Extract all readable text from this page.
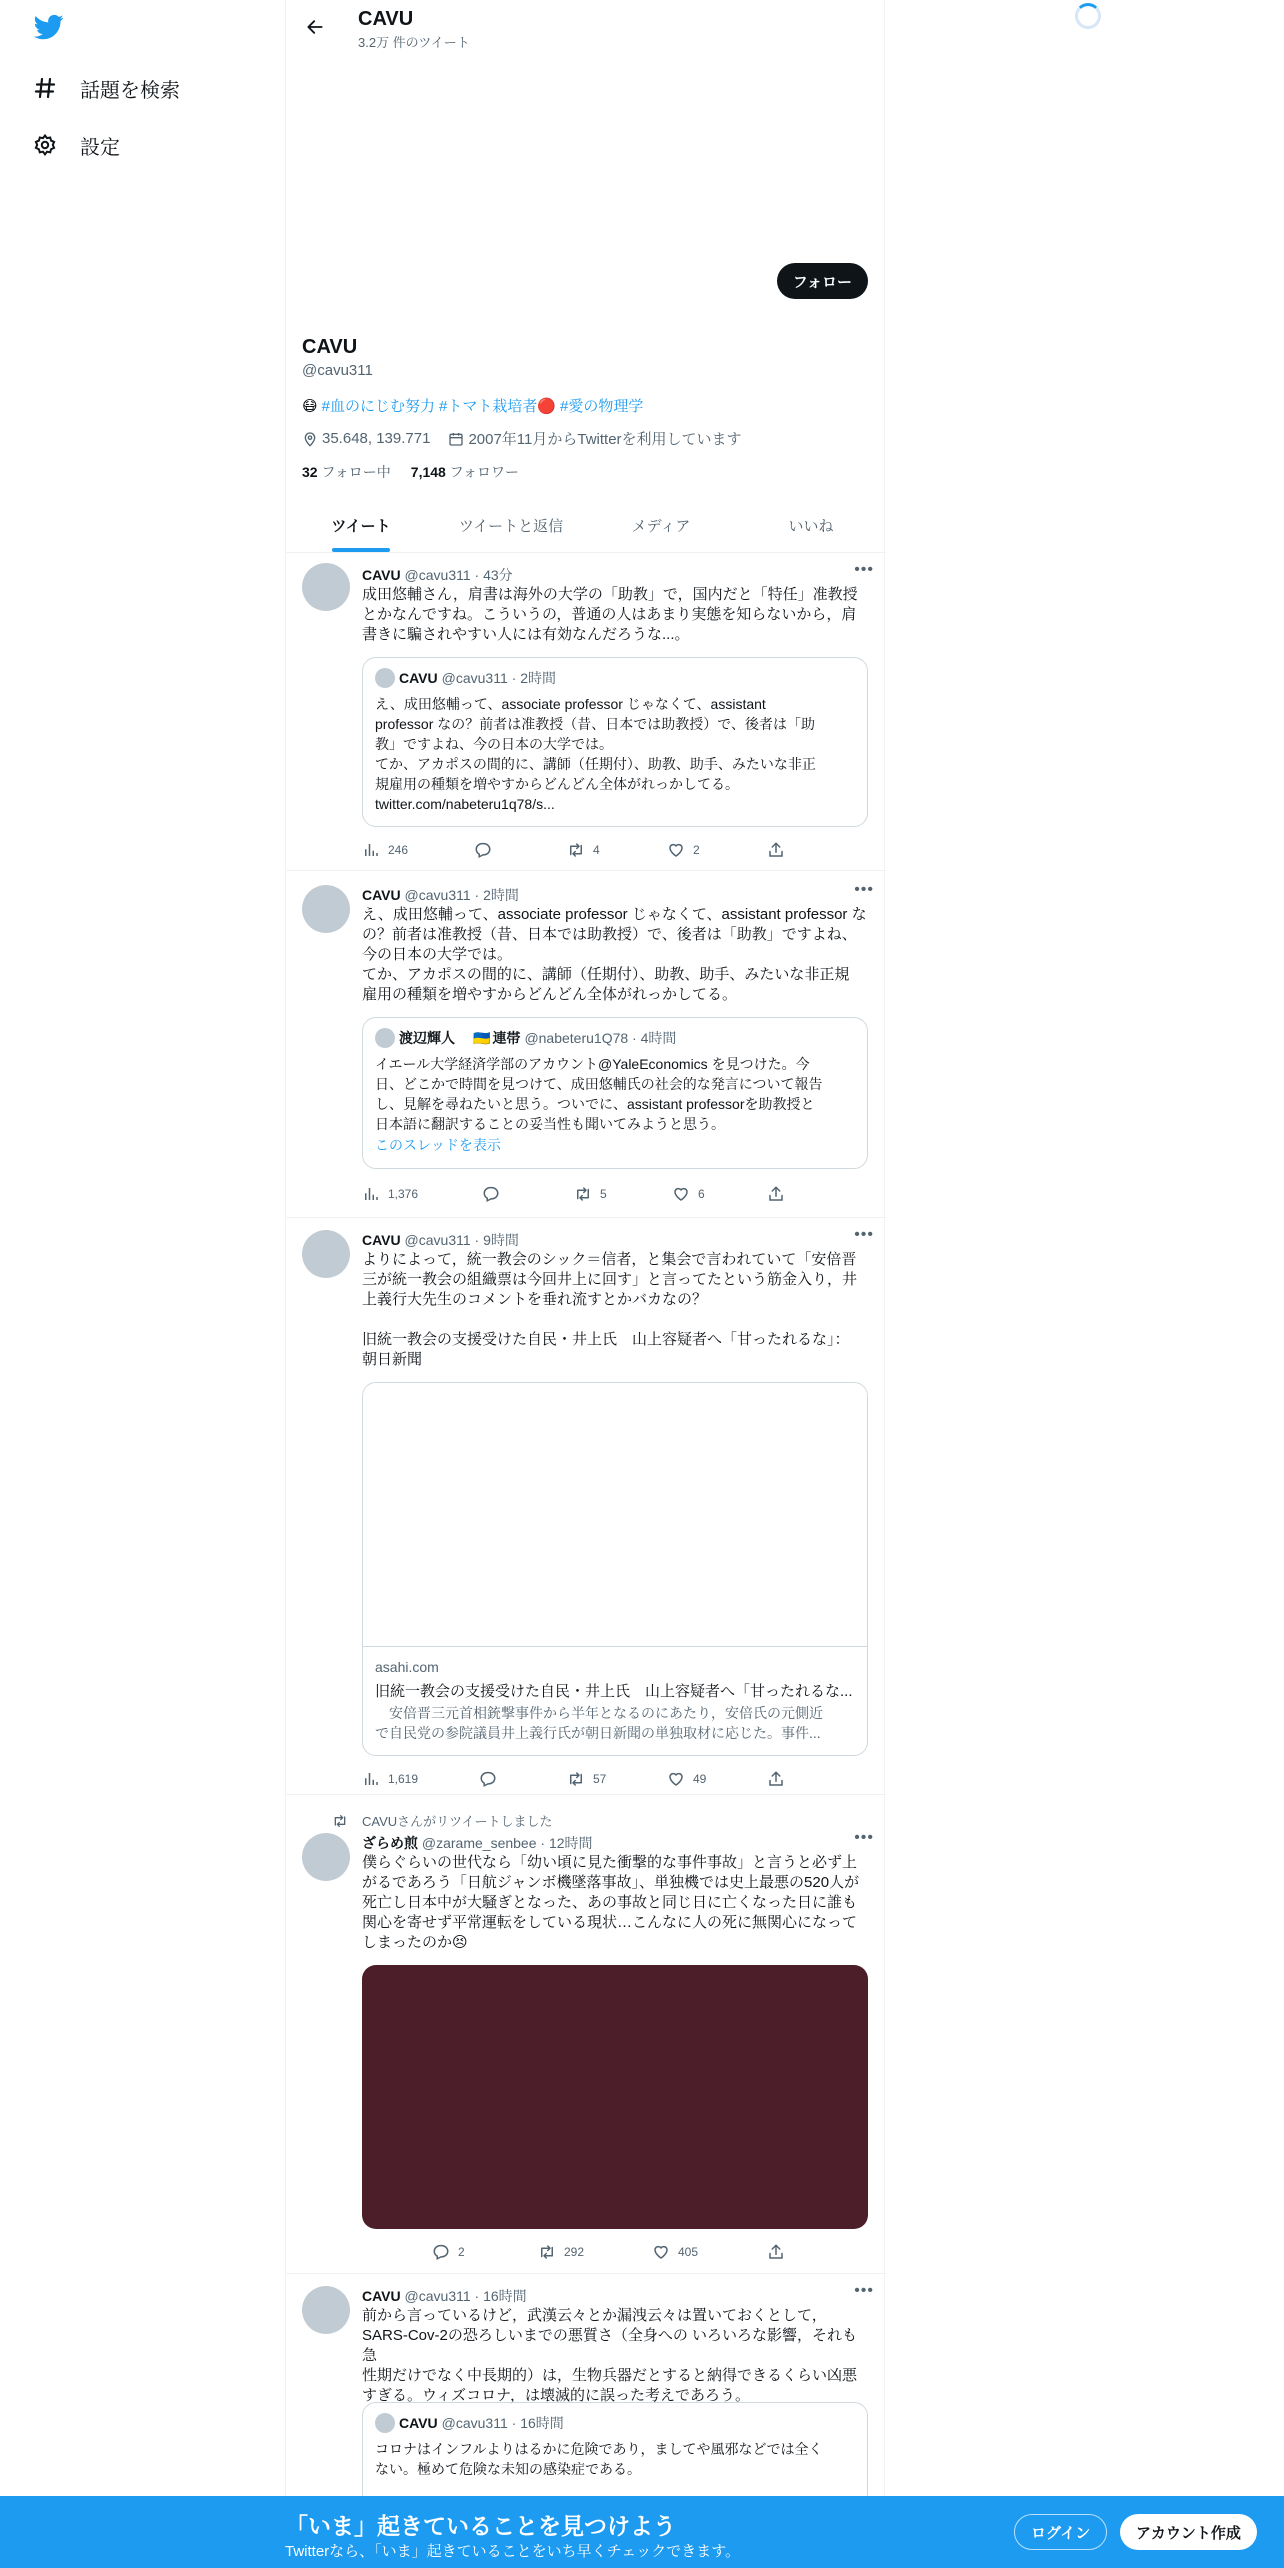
話題を検索
設定
CAVU
3.2万 件のツイート
フォロー
CAVU
@cavu311
😷 #血のにじむ努力 #トマト栽培者 🔴 #愛の物理学
35.648, 139.771	2007年11月からTwitterを利用しています
32 フォロー中 7,148 フォロワー
ツイート	ツイートと返信	メディア	いいね
CAVU @cavu311 · 43分	•••
成田悠輔さん，肩書は海外の大学の「助教」で，国内だと「特任」准教授
とかなんですね。こういうの，普通の人はあまり実態を知らないから，肩
書きに騙されやすい人には有効なんだろうな...。
CAVU @cavu311 · 2時間
え、成田悠輔って、associate professor じゃなくて、assistant
professor なの？前者は准教授（昔、日本では助教授）で、後者は「助
教」ですよね、今の日本の大学では。
てか、アカポスの間的に、講師（任期付）、助教、助手、みたいな非正
規雇用の種類を増やすからどんどん全体がれっかしてる。
twitter.com/nabeteru1q78/s...
246	4	2
CAVU @cavu311 · 2時間	•••
え、成田悠輔って、associate professor じゃなくて、assistant professor な
の？前者は准教授（昔、日本では助教授）で、後者は「助教」ですよね、
今の日本の大学では。
てか、アカポスの間的に、講師（任期付）、助教、助手、みたいな非正規
雇用の種類を増やすからどんどん全体がれっかしてる。
渡辺輝人 🇺🇦 連帯 @nabeteru1Q78 · 4時間
イエール大学経済学部のアカウント@YaleEconomics を見つけた。今
日、どこかで時間を見つけて、成田悠輔氏の社会的な発言について報告
し、見解を尋ねたいと思う。ついでに、assistant professorを助教授と
日本語に翻訳することの妥当性も聞いてみようと思う。
このスレッドを表示
1,376	5	6
CAVU @cavu311 · 9時間	•••
よりによって，統一教会のシック＝信者，と集会で言われていて「安倍晋
三が統一教会の組織票は今回井上に回す」と言ってたという筋金入り，井
上義行大先生のコメントを垂れ流すとかバカなの？

旧統一教会の支援受けた自民・井上氏　山上容疑者へ「甘ったれるな」：
朝日新聞
asahi.com
旧統一教会の支援受けた自民・井上氏　山上容疑者へ「甘ったれるな...
　安倍晋三元首相銃撃事件から半年となるのにあたり，安倍氏の元側近
で自民党の参院議員井上義行氏が朝日新聞の単独取材に応じた。事件...
1,619	57	49
CAVUさんがリツイートしました
ざらめ煎 @zarame_senbee · 12時間	•••
僕らぐらいの世代なら「幼い頃に見た衝撃的な事件事故」と言うと必ず上
がるであろう「日航ジャンボ機墜落事故」、単独機では史上最悪の520人が
死亡し日本中が大騒ぎとなった、あの事故と同じ日に亡くなった日に誰も
関心を寄せず平常運転をしている現状…こんなに人の死に無関心になって
しまったのか😣
2	292	405
CAVU @cavu311 · 16時間	•••
前から言っているけど，武漢云々とか漏洩云々は置いておくとして，
SARS-Cov-2の恐ろしいまでの悪質さ（全身への いろいろな影響，それも急
性期だけでなく中長期的）は，生物兵器だとすると納得できるくらい凶悪
すぎる。ウィズコロナ，は壊滅的に誤った考えであろう。
CAVU @cavu311 · 16時間
コロナはインフルよりはるかに危険であり，ましてや風邪などでは全く
ない。極めて危険な未知の感染症である。
「いま」起きていることを見つけよう
Twitterなら、「いま」起きていることをいち早くチェックできます。
ログイン	アカウント作成
